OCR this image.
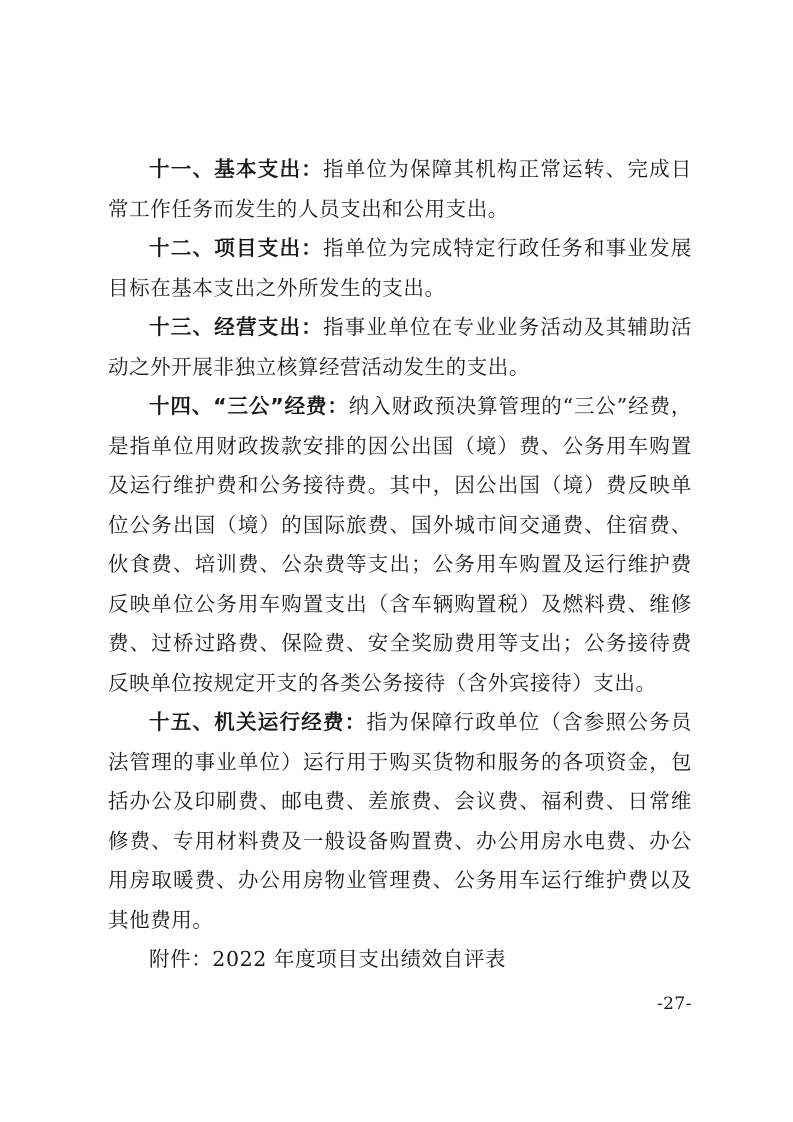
十一、基本支出：指单位为保障其机构正常运转、完成日常工作任务而发生的人员支出和公用支出。

十二、项目支出：指单位为完成特定行政任务和事业发展目标在基本支出之外所发生的支出。

十三、经营支出：指事业单位在专业业务活动及其辅助活动之外开展非独立核算经营活动发生的支出。

十四、“三公”经费：纳入财政预决算管理的“三公”经费，是指单位用财政拨款安排的因公出国（境）费、公务用车购置及运行维护费和公务接待费。其中，因公出国（境）费反映单位公务出国（境）的国际旅费、国外城市间交通费、住宿费、伙食费、培训费、公杂费等支出；公务用车购置及运行维护费反映单位公务用车购置支出（含车辆购置税）及燃料费、维修费、过桥过路费、保险费、安全奖励费用等支出；公务接待费反映单位按规定开支的各类公务接待（含外宾接待）支出。

十五、机关运行经费：指为保障行政单位（含参照公务员法管理的事业单位）运行用于购买货物和服务的各项资金，包括办公及印刷费、邮电费、差旅费、会议费、福利费、日常维修费、专用材料费及一般设备购置费、办公用房水电费、办公用房取暖费、办公用房物业管理费、公务用车运行维护费以及其他费用。

附件：2022 年度项目支出绩效自评表

-27-
